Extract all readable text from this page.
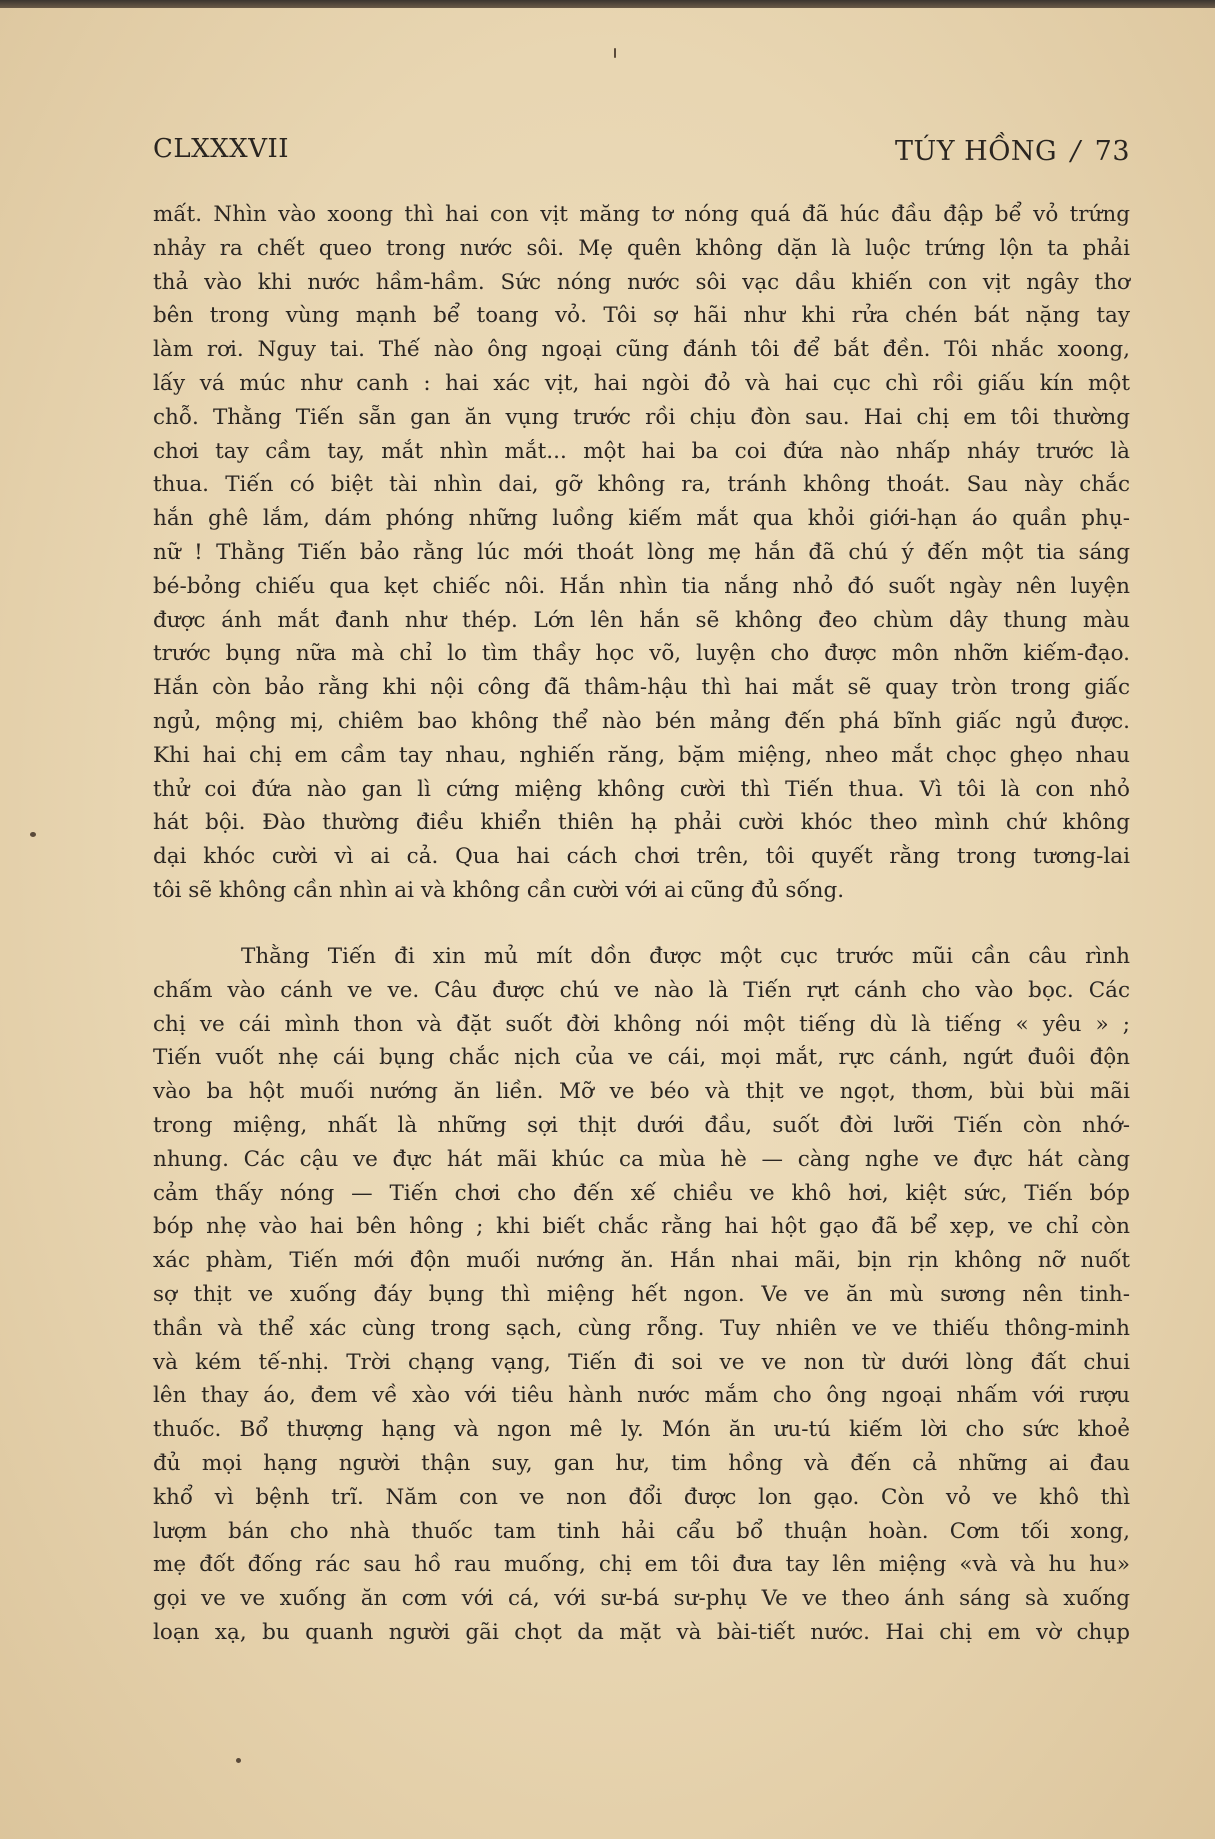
CLXXXVII	TÚY HỒNG / 73
mất. Nhìn vào xoong thì hai con vịt măng tơ nóng quá đã húc đầu đập bể vỏ trứng
nhảy ra chết queo trong nước sôi. Mẹ quên không dặn là luộc trứng lộn ta phải
thả vào khi nước hầm-hầm. Sức nóng nước sôi vạc dầu khiến con vịt ngây thơ
bên trong vùng mạnh bể toang vỏ. Tôi sợ hãi như khi rửa chén bát nặng tay
làm rơi. Nguy tai. Thế nào ông ngoại cũng đánh tôi để bắt đền. Tôi nhắc xoong,
lấy vá múc như canh : hai xác vịt, hai ngòi đỏ và hai cục chì rồi giấu kín một
chỗ. Thằng Tiến sẵn gan ăn vụng trước rồi chịu đòn sau. Hai chị em tôi thường
chơi tay cầm tay, mắt nhìn mắt... một hai ba coi đứa nào nhấp nháy trước là
thua. Tiến có biệt tài nhìn dai, gỡ không ra, tránh không thoát. Sau này chắc
hắn ghê lắm, dám phóng những luồng kiếm mắt qua khỏi giới-hạn áo quần phụ-
nữ ! Thằng Tiến bảo rằng lúc mới thoát lòng mẹ hắn đã chú ý đến một tia sáng
bé-bỏng chiếu qua kẹt chiếc nôi. Hắn nhìn tia nắng nhỏ đó suốt ngày nên luyện
được ánh mắt đanh như thép. Lớn lên hắn sẽ không đeo chùm dây thung màu
trước bụng nữa mà chỉ lo tìm thầy học võ, luyện cho được môn nhỡn kiếm-đạo.
Hắn còn bảo rằng khi nội công đã thâm-hậu thì hai mắt sẽ quay tròn trong giấc
ngủ, mộng mị, chiêm bao không thể nào bén mảng đến phá bĩnh giấc ngủ được.
Khi hai chị em cầm tay nhau, nghiến răng, bặm miệng, nheo mắt chọc ghẹo nhau
thử coi đứa nào gan lì cứng miệng không cười thì Tiến thua. Vì tôi là con nhỏ
hát bội. Đào thường điều khiển thiên hạ phải cười khóc theo mình chứ không
dại khóc cười vì ai cả. Qua hai cách chơi trên, tôi quyết rằng trong tương-lai
tôi sẽ không cần nhìn ai và không cần cười với ai cũng đủ sống.
Thằng Tiến đi xin mủ mít dồn được một cục trước mũi cần câu rình
chấm vào cánh ve ve. Câu được chú ve nào là Tiến rựt cánh cho vào bọc. Các
chị ve cái mình thon và đặt suốt đời không nói một tiếng dù là tiếng « yêu » ;
Tiến vuốt nhẹ cái bụng chắc nịch của ve cái, mọi mắt, rực cánh, ngứt đuôi độn
vào ba hột muối nướng ăn liền. Mỡ ve béo và thịt ve ngọt, thơm, bùi bùi mãi
trong miệng, nhất là những sợi thịt dưới đầu, suốt đời lưỡi Tiến còn nhớ-
nhung. Các cậu ve đực hát mãi khúc ca mùa hè — càng nghe ve đực hát càng
cảm thấy nóng — Tiến chơi cho đến xế chiều ve khô hơi, kiệt sức, Tiến bóp
bóp nhẹ vào hai bên hông ; khi biết chắc rằng hai hột gạo đã bể xẹp, ve chỉ còn
xác phàm, Tiến mới độn muối nướng ăn. Hắn nhai mãi, bịn rịn không nỡ nuốt
sợ thịt ve xuống đáy bụng thì miệng hết ngon. Ve ve ăn mù sương nên tinh-
thần và thể xác cùng trong sạch, cùng rỗng. Tuy nhiên ve ve thiếu thông-minh
và kém tế-nhị. Trời chạng vạng, Tiến đi soi ve ve non từ dưới lòng đất chui
lên thay áo, đem về xào với tiêu hành nước mắm cho ông ngoại nhấm với rượu
thuốc. Bổ thượng hạng và ngon mê ly. Món ăn ưu-tú kiếm lời cho sức khoẻ
đủ mọi hạng người thận suy, gan hư, tim hồng và đến cả những ai đau
khổ vì bệnh trĩ. Năm con ve non đổi được lon gạo. Còn vỏ ve khô thì
lượm bán cho nhà thuốc tam tinh hải cẩu bổ thuận hoàn. Cơm tối xong,
mẹ đốt đống rác sau hồ rau muống, chị em tôi đưa tay lên miệng «và và hu hu»
gọi ve ve xuống ăn cơm với cá, với sư-bá sư-phụ Ve ve theo ánh sáng sà xuống
loạn xạ, bu quanh người gãi chọt da mặt và bài-tiết nước. Hai chị em vờ chụp
